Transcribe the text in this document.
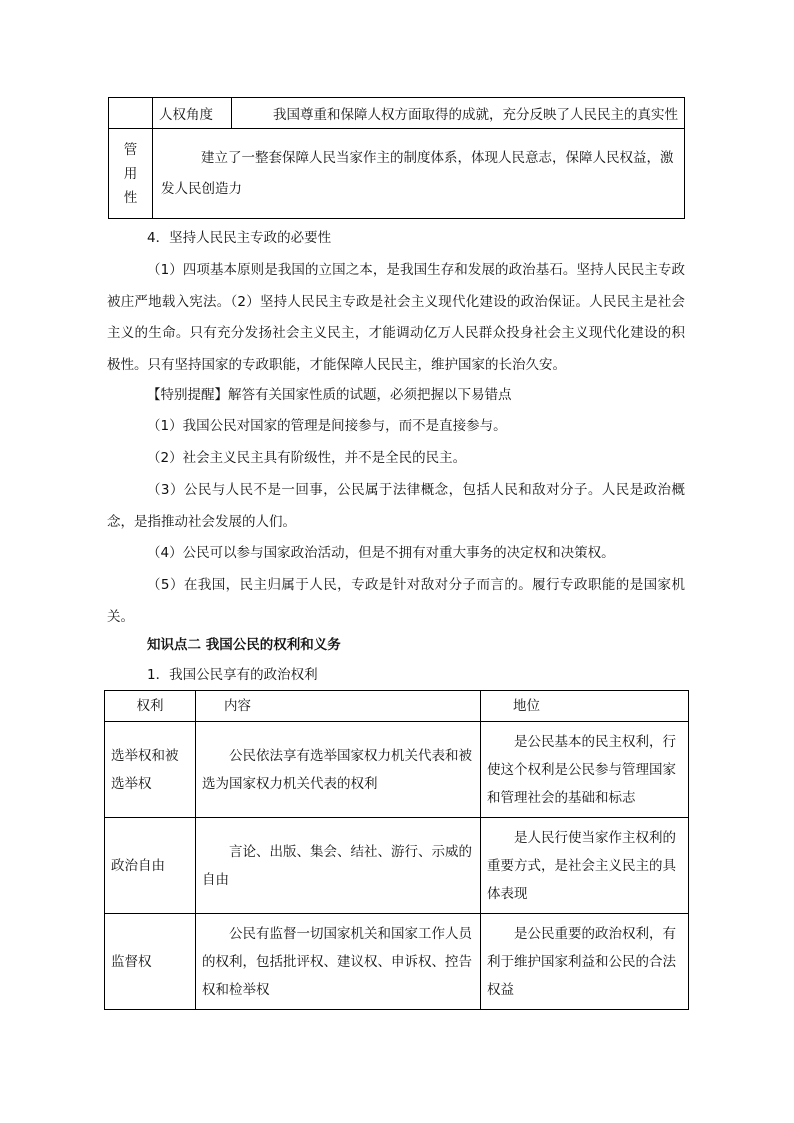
	人权角度	我国尊重和保障人权方面取得的成就，充分反映了人民民主的真实性

管
用
性	建立了一整套保障人民当家作主的制度体系，体现人民意志，保障人民权益，激发人民创造力	

4．坚持人民民主专政的必要性

（1）四项基本原则是我国的立国之本，是我国生存和发展的政治基石。坚持人民民主专政被庄严地载入宪法。（2）坚持人民民主专政是社会主义现代化建设的政治保证。人民民主是社会主义的生命。只有充分发扬社会主义民主，才能调动亿万人民群众投身社会主义现代化建设的积极性。只有坚持国家的专政职能，才能保障人民民主，维护国家的长治久安。

【特别提醒】解答有关国家性质的试题，必须把握以下易错点

（1）我国公民对国家的管理是间接参与，而不是直接参与。

（2）社会主义民主具有阶级性，并不是全民的民主。

（3）公民与人民不是一回事，公民属于法律概念，包括人民和敌对分子。人民是政治概念，是指推动社会发展的人们。

（4）公民可以参与国家政治活动，但是不拥有对重大事务的决定权和决策权。

（5）在我国，民主归属于人民，专政是针对敌对分子而言的。履行专政职能的是国家机关。

知识点二 我国公民的权利和义务

1．我国公民享有的政治权利

权利	内容	地位
选举权和被选举权	公民依法享有选举国家权力机关代表和被选为国家权力机关代表的权利	是公民基本的民主权利，行使这个权利是公民参与管理国家和管理社会的基础和标志
政治自由	言论、出版、集会、结社、游行、示威的自由	是人民行使当家作主权利的重要方式，是社会主义民主的具体表现
监督权	公民有监督一切国家机关和国家工作人员的权利，包括批评权、建议权、申诉权、控告权和检举权	是公民重要的政治权利，有利于维护国家利益和公民的合法权益
